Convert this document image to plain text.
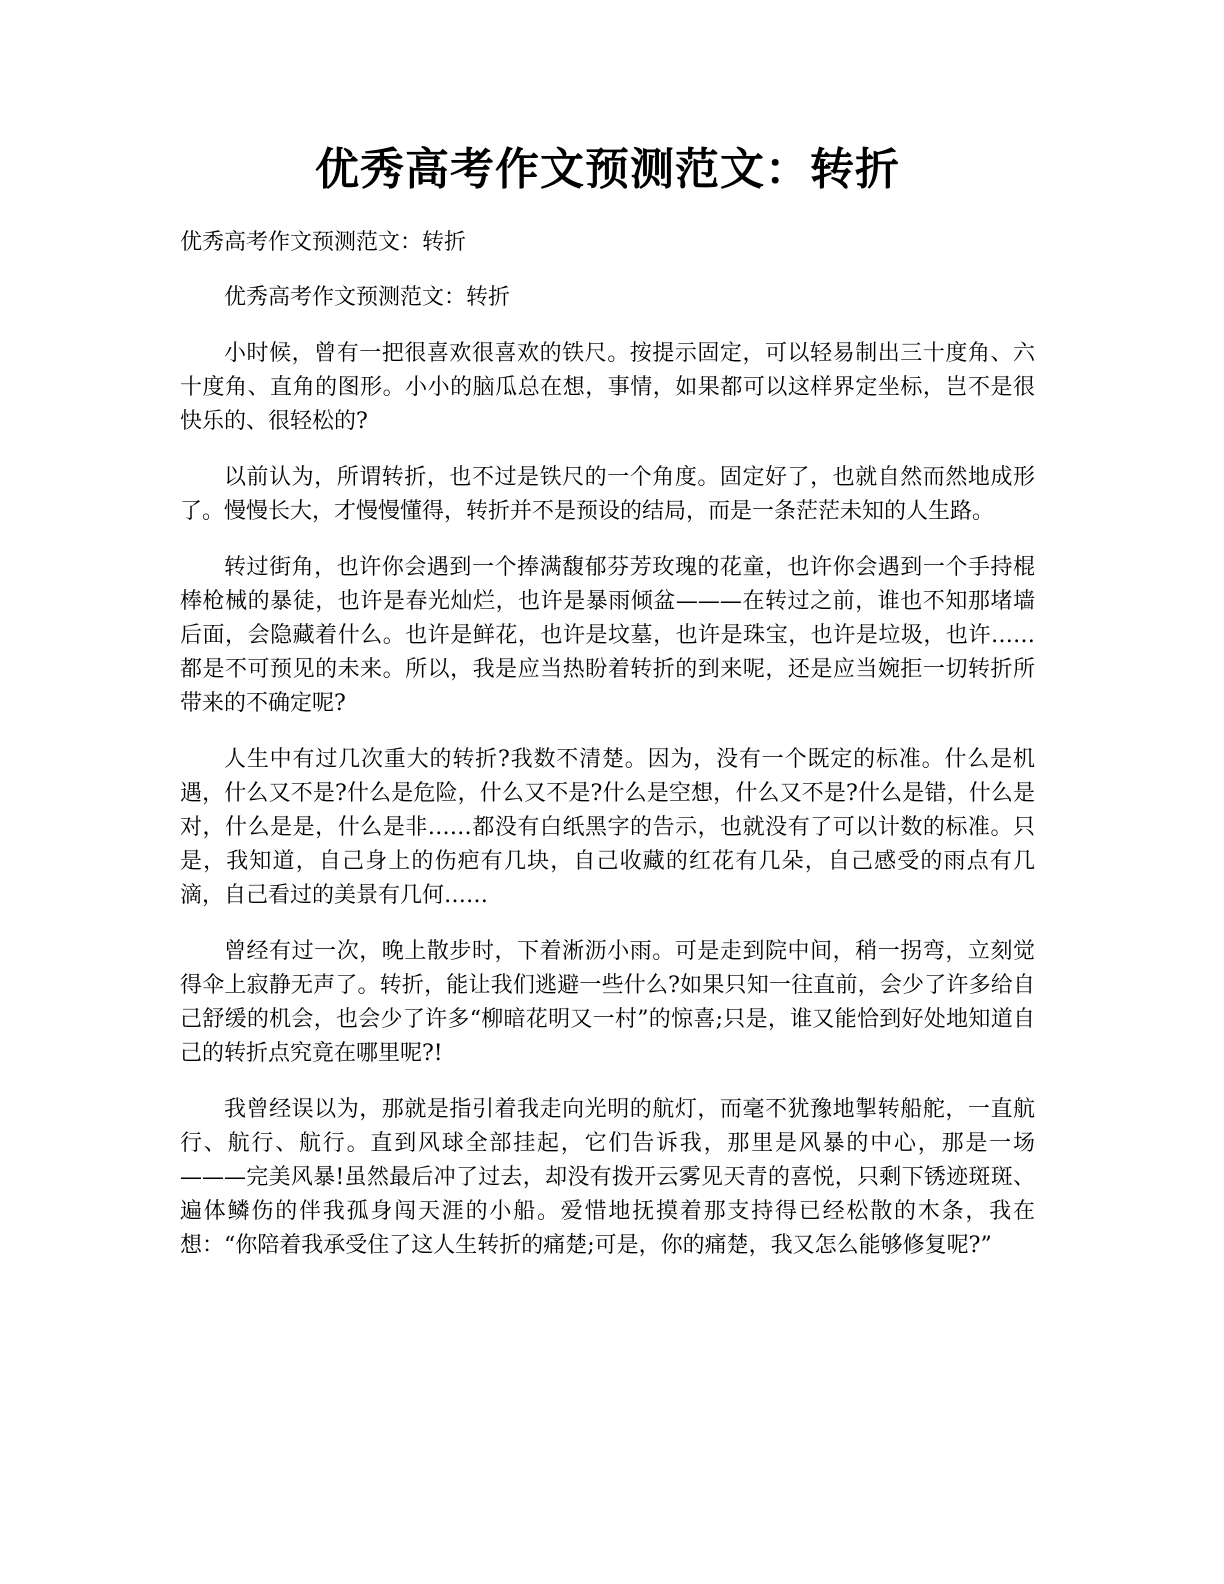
优秀高考作文预测范文：转折

优秀高考作文预测范文：转折

优秀高考作文预测范文：转折

小时候，曾有一把很喜欢很喜欢的铁尺。按提示固定，可以轻易制出三十度角、六十度角、直角的图形。小小的脑瓜总在想，事情，如果都可以这样界定坐标，岂不是很快乐的、很轻松的?

以前认为，所谓转折，也不过是铁尺的一个角度。固定好了，也就自然而然地成形了。慢慢长大，才慢慢懂得，转折并不是预设的结局，而是一条茫茫未知的人生路。

转过街角，也许你会遇到一个捧满馥郁芬芳玫瑰的花童，也许你会遇到一个手持棍棒枪械的暴徒，也许是春光灿烂，也许是暴雨倾盆———在转过之前，谁也不知那堵墙后面，会隐藏着什么。也许是鲜花，也许是坟墓，也许是珠宝，也许是垃圾，也许……都是不可预见的未来。所以，我是应当热盼着转折的到来呢，还是应当婉拒一切转折所带来的不确定呢?

人生中有过几次重大的转折?我数不清楚。因为，没有一个既定的标准。什么是机遇，什么又不是?什么是危险，什么又不是?什么是空想，什么又不是?什么是错，什么是对，什么是是，什么是非……都没有白纸黑字的告示，也就没有了可以计数的标准。只是，我知道，自己身上的伤疤有几块，自己收藏的红花有几朵，自己感受的雨点有几滴，自己看过的美景有几何……

曾经有过一次，晚上散步时，下着淅沥小雨。可是走到院中间，稍一拐弯，立刻觉得伞上寂静无声了。转折，能让我们逃避一些什么?如果只知一往直前，会少了许多给自己舒缓的机会，也会少了许多“柳暗花明又一村”的惊喜;只是，谁又能恰到好处地知道自己的转折点究竟在哪里呢?!

我曾经误以为，那就是指引着我走向光明的航灯，而毫不犹豫地掣转船舵，一直航行、航行、航行。直到风球全部挂起，它们告诉我，那里是风暴的中心，那是一场———完美风暴!虽然最后冲了过去，却没有拨开云雾见天青的喜悦，只剩下锈迹斑斑、遍体鳞伤的伴我孤身闯天涯的小船。爱惜地抚摸着那支持得已经松散的木条，我在想：“你陪着我承受住了这人生转折的痛楚;可是，你的痛楚，我又怎么能够修复呢?”
